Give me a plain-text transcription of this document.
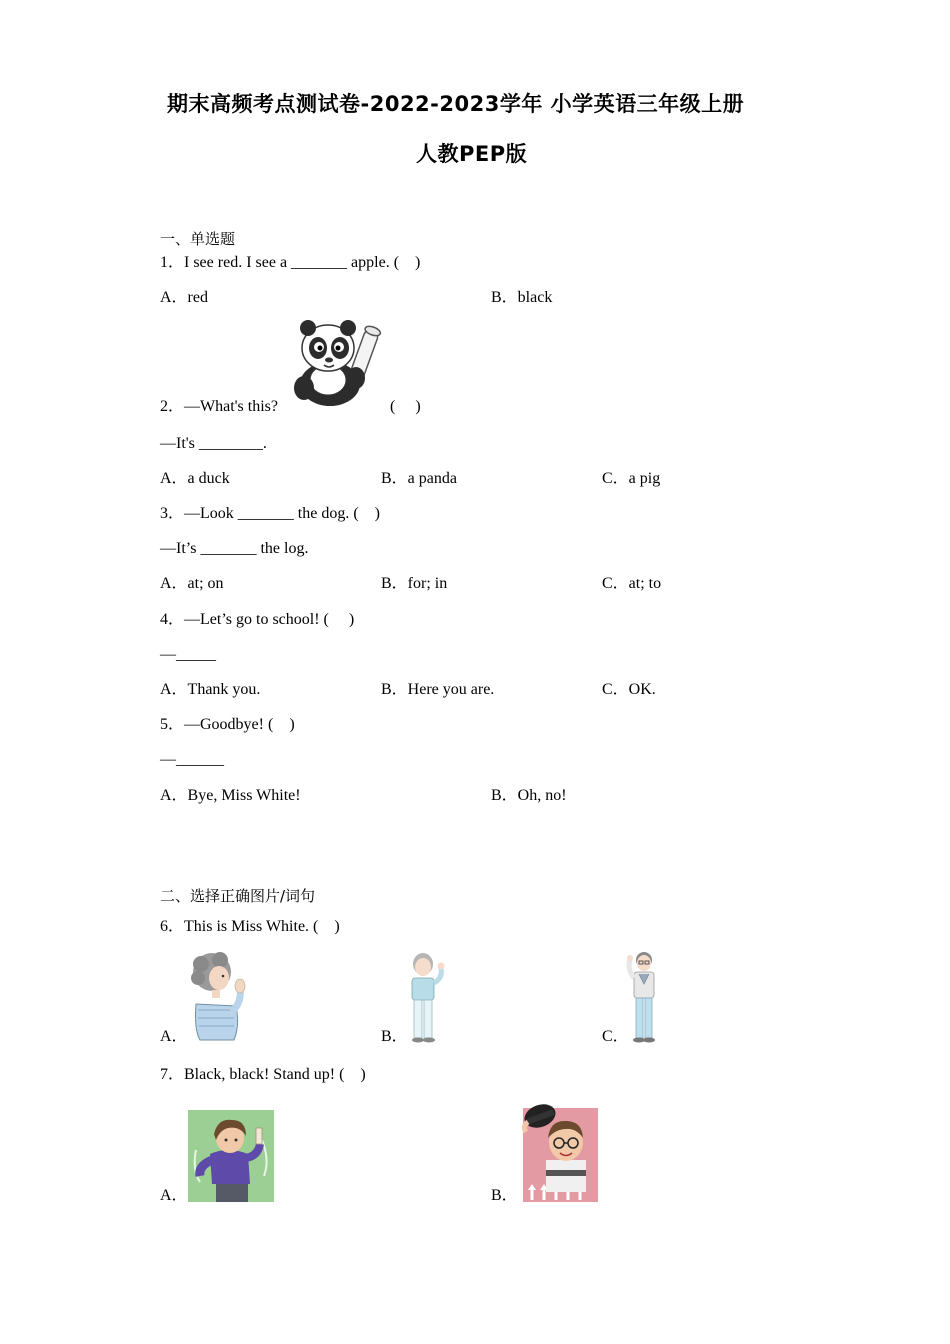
期末高频考点测试卷-2022-2023学年 小学英语三年级上册
人教PEP版
一、单选题
1．I see red. I see a _______ apple. (　)
A．red	B．black
2．—What's this?	(　 )
—It's ________.
A．a duck	B．a panda	C．a pig
3．—Look _______ the dog. (　)
—It’s _______ the log.
A．at; on	B．for; in	C．at; to
4．—Let’s go to school! (　 )
—_____
A．Thank you.	B．Here you are.	C．OK.
5．—Goodbye! (　)
—______
A．Bye, Miss White!	B．Oh, no!
二、选择正确图片/词句
6．This is Miss White. (　)
A．	B．	C．
7．Black, black! Stand up! (　)
A．	B．
